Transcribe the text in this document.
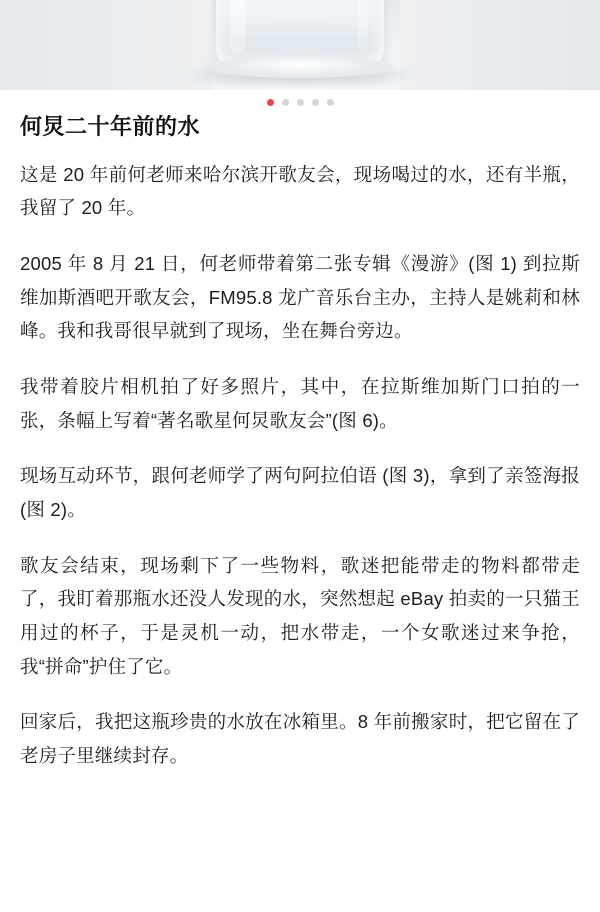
何炅二十年前的水

这是 20 年前何老师来哈尔滨开歌友会，现场喝过的水，还有半瓶，我留了 20 年。

2005 年 8 月 21 日，何老师带着第二张专辑《漫游》(图 1) 到拉斯维加斯酒吧开歌友会，FM95.8 龙广音乐台主办，主持人是姚莉和林峰。我和我哥很早就到了现场，坐在舞台旁边。

我带着胶片相机拍了好多照片，其中，在拉斯维加斯门口拍的一张，条幅上写着“著名歌星何炅歌友会”(图 6)。

现场互动环节，跟何老师学了两句阿拉伯语 (图 3)，拿到了亲签海报 (图 2)。

歌友会结束，现场剩下了一些物料，歌迷把能带走的物料都带走了，我盯着那瓶水还没人发现的水，突然想起 eBay 拍卖的一只猫王用过的杯子，于是灵机一动，把水带走，一个女歌迷过来争抢，我“拼命”护住了它。

回家后，我把这瓶珍贵的水放在冰箱里。8 年前搬家时，把它留在了老房子里继续封存。
